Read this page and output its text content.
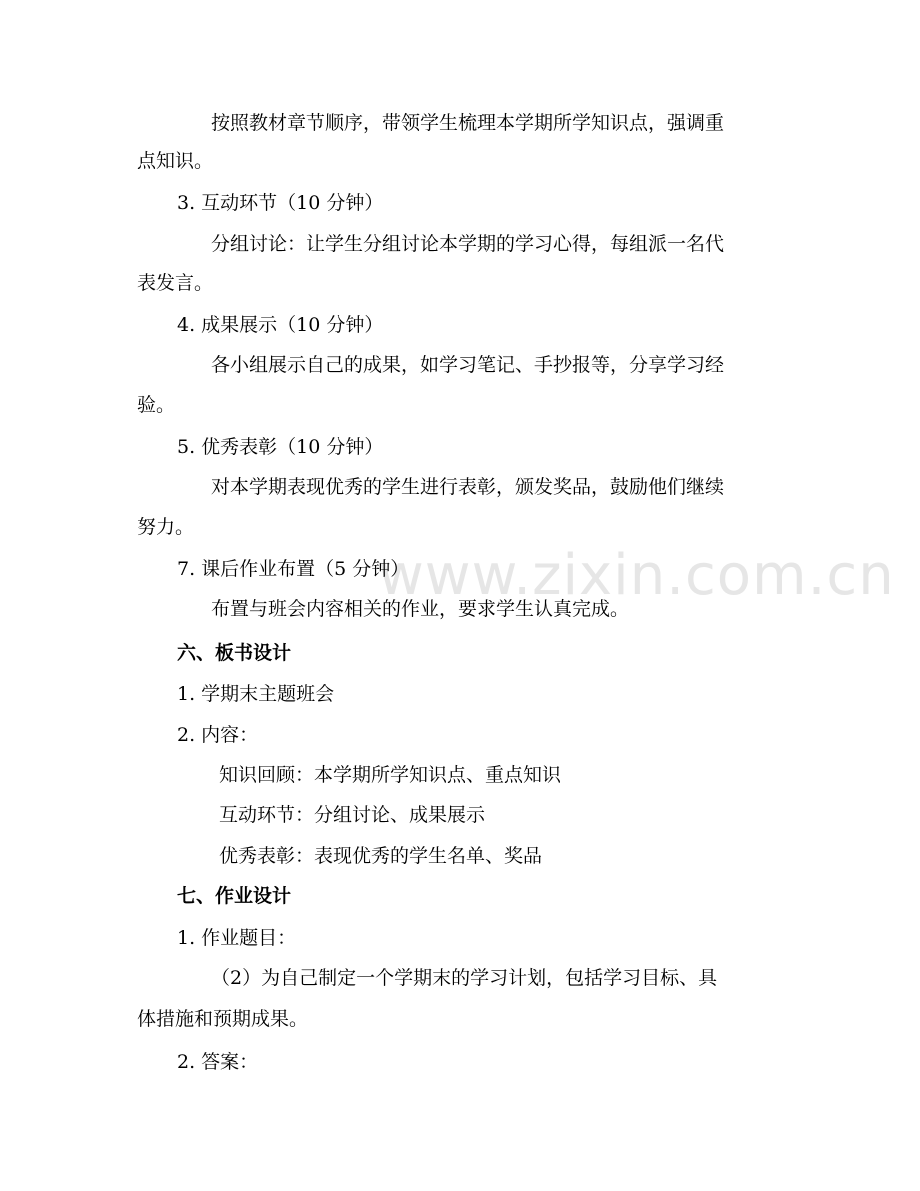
www.zixin.com.cn
按照教材章节顺序，带领学生梳理本学期所学知识点，强调重
点知识。
3. 互动环节（10 分钟）
分组讨论：让学生分组讨论本学期的学习心得，每组派一名代
表发言。
4. 成果展示（10 分钟）
各小组展示自己的成果，如学习笔记、手抄报等，分享学习经
验。
5. 优秀表彰（10 分钟）
对本学期表现优秀的学生进行表彰，颁发奖品，鼓励他们继续
努力。
7. 课后作业布置（5 分钟）
布置与班会内容相关的作业，要求学生认真完成。
六、板书设计
1. 学期末主题班会
2. 内容：
知识回顾：本学期所学知识点、重点知识
互动环节：分组讨论、成果展示
优秀表彰：表现优秀的学生名单、奖品
七、作业设计
1. 作业题目：
（2）为自己制定一个学期末的学习计划，包括学习目标、具
体措施和预期成果。
2. 答案：
